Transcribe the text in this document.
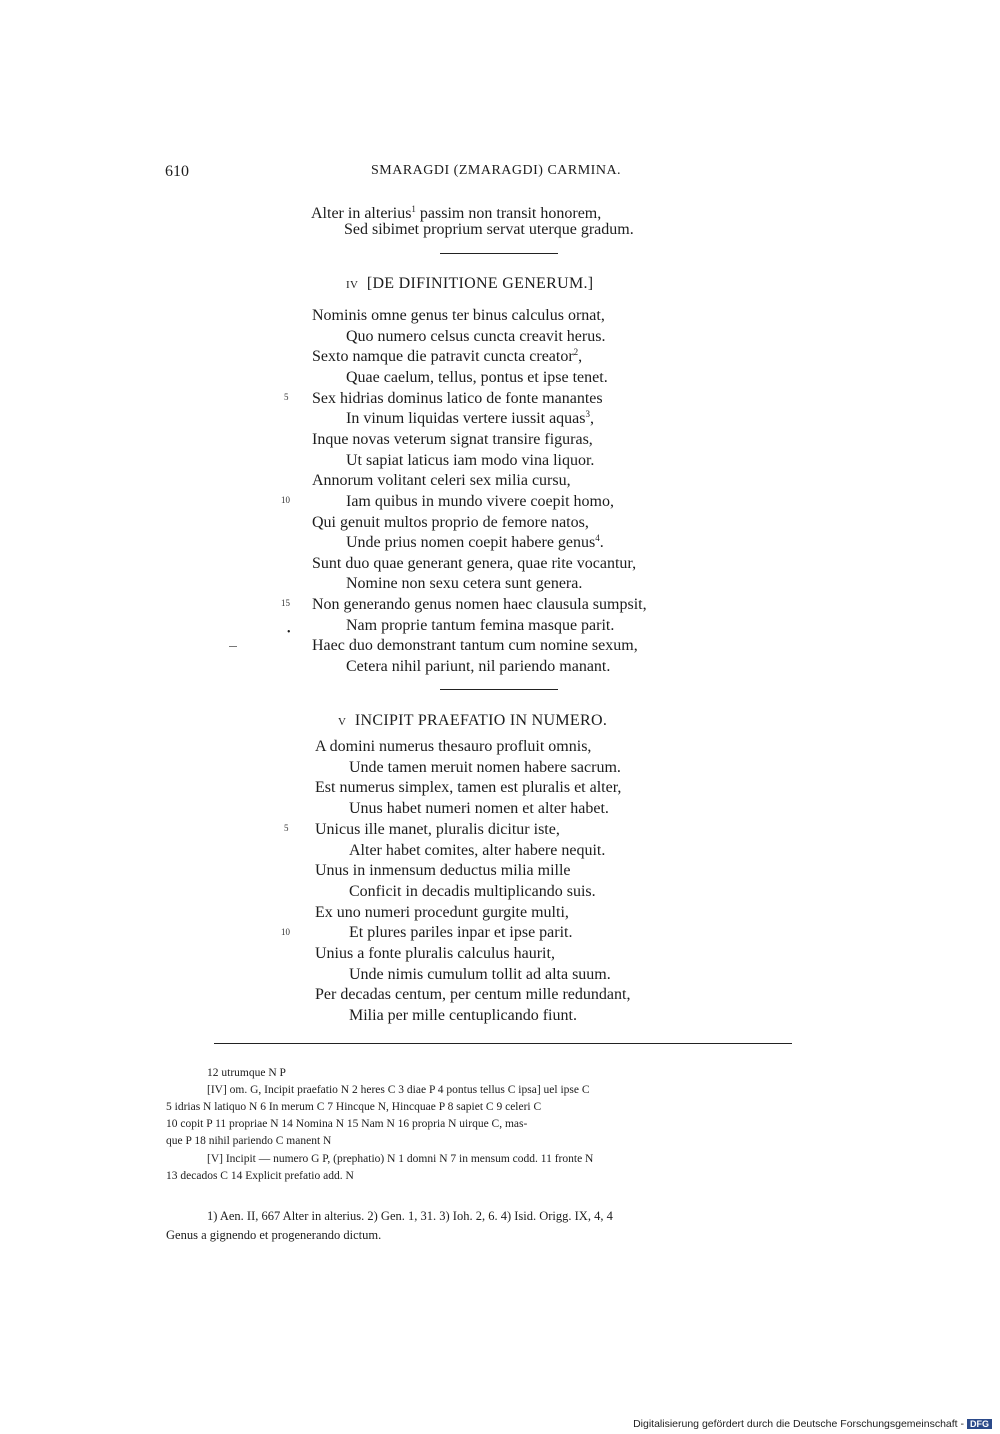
610	SMARAGDI (ZMARAGDI) CARMINA.
Alter in alterius$^1$ passim non transit honorem,
Sed sibimet proprium servat uterque gradum.
IV [DE DIFINITIONE GENERUM.]
Nominis omne genus ter binus calculus ornat,
Quo numero celsus cuncta creavit herus.
Sexto namque die patravit cuncta creator$^2$,
Quae caelum, tellus, pontus et ipse tenet.
Sex hidrias dominus latico de fonte manantes
In vinum liquidas vertere iussit aquas$^3$,
Inque novas veterum signat transire figuras,
Ut sapiat laticus iam modo vina liquor.
Annorum volitant celeri sex milia cursu,
Iam quibus in mundo vivere coepit homo,
Qui genuit multos proprio de femore natos,
Unde prius nomen coepit habere genus$^4$.
Sunt duo quae generant genera, quae rite vocantur,
Nomine non sexu cetera sunt genera.
Non generando genus nomen haec clausula sumpsit,
Nam proprie tantum femina masque parit.
Haec duo demonstrant tantum cum nomine sexum,
Cetera nihil pariunt, nil pariendo manant.
5
10
15
•
V INCIPIT PRAEFATIO IN NUMERO.
A domini numerus thesauro profluit omnis,
Unde tamen meruit nomen habere sacrum.
Est numerus simplex, tamen est pluralis et alter,
Unus habet numeri nomen et alter habet.
Unicus ille manet, pluralis dicitur iste,
Alter habet comites, alter habere nequit.
Unus in inmensum deductus milia mille
Conficit in decadis multiplicando suis.
Ex uno numeri procedunt gurgite multi,
Et plures pariles inpar et ipse parit.
Unius a fonte pluralis calculus haurit,
Unde nimis cumulum tollit ad alta suum.
Per decadas centum, per centum mille redundant,
Milia per mille centuplicando fiunt.
5
10
12 utrumque N P
[IV] om. G, Incipit praefatio N 2 heres C 3 diae P 4 pontus tellus C ipsa] uel ipse C
5 idrias N latiquo N 6 In merum C 7 Hincque N, Hincquae P 8 sapiet C 9 celeri C
10 copit P 11 propriae N 14 Nomina N 15 Nam N 16 propria N uirque C, mas-
que P 18 nihil pariendo C manent N
[V] Incipit — numero G P, (prephatio) N 1 domni N 7 in mensum codd. 11 fronte N
13 decados C 14 Explicit prefatio add. N
1) Aen. II, 667 Alter in alterius. 2) Gen. 1, 31. 3) Ioh. 2, 6. 4) Isid. Origg. IX, 4, 4
Genus a gignendo et progenerando dictum.
Digitalisierung gefördert durch die Deutsche Forschungsgemeinschaft - DFG
